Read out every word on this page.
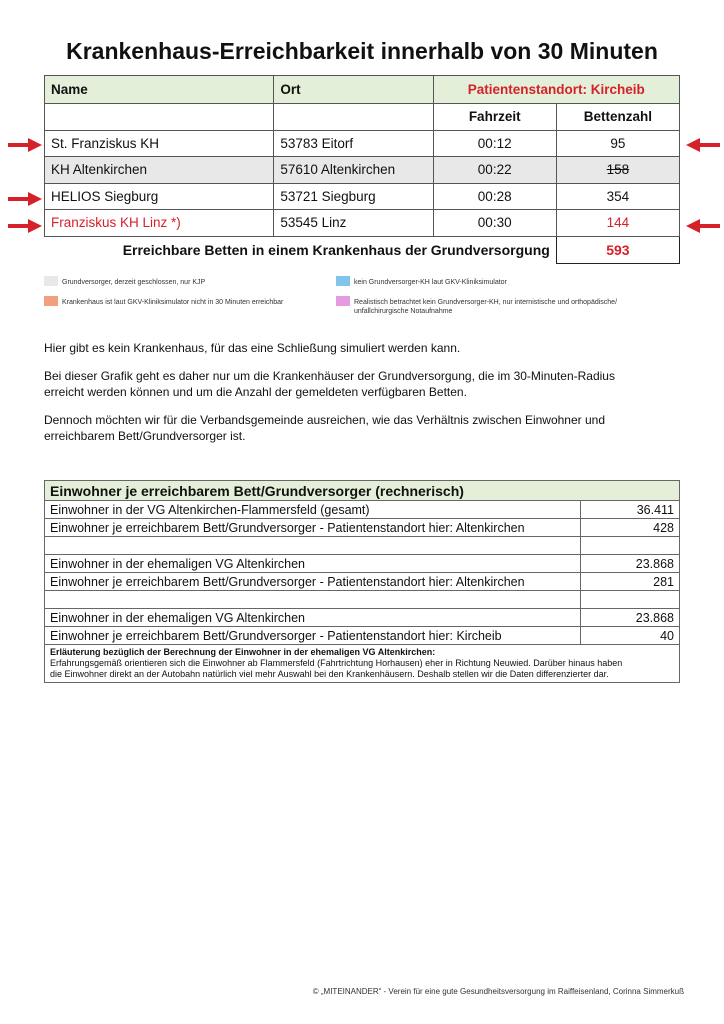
Krankenhaus-Erreichbarkeit innerhalb von 30 Minuten
Name	Ort	Patientenstandort: Kircheib	
		Fahrzeit	Bettenzahl
St. Franziskus KH	53783 Eitorf	00:12	95
KH Altenkirchen	57610 Altenkirchen	00:22	158
HELIOS Siegburg	53721 Siegburg	00:28	354
Franziskus KH Linz *)	53545 Linz	00:30	144
Erreichbare Betten in einem Krankenhaus der Grundversorgung			593
Grundversorger, derzeit geschlossen, nur KJP	kein Grundversorger-KH laut GKV-Kliniksimulator
Krankenhaus ist laut GKV-Kliniksimulator nicht in 30 Minuten erreichbar	Realistisch betrachtet kein Grundversorger-KH, nur internistische und orthopädische/
unfallchirurgische Notaufnahme
Hier gibt es kein Krankenhaus, für das eine Schließung simuliert werden kann.
Bei dieser Grafik geht es daher nur um die Krankenhäuser der Grundversorgung, die im 30-Minuten-Radius
erreicht werden können und um die Anzahl der gemeldeten verfügbaren Betten.
Dennoch möchten wir für die Verbandsgemeinde ausreichen, wie das Verhältnis zwischen Einwohner und
erreichbarem Bett/Grundversorger ist.
Einwohner je erreichbarem Bett/Grundversorger (rechnerisch)	
Einwohner in der VG Altenkirchen-Flammersfeld (gesamt)	36.411
Einwohner je erreichbarem Bett/Grundversorger - Patientenstandort hier: Altenkirchen	428

Einwohner in der ehemaligen VG Altenkirchen	23.868
Einwohner je erreichbarem Bett/Grundversorger - Patientenstandort hier: Altenkirchen	281

Einwohner in der ehemaligen VG Altenkirchen	23.868
Einwohner je erreichbarem Bett/Grundversorger - Patientenstandort hier: Kircheib	40

Erläuterung bezüglich der Berechnung der Einwohner in der ehemaligen VG Altenkirchen:
Erfahrungsgemäß orientieren sich die Einwohner ab Flammersfeld (Fahrtrichtung Horhausen) eher in Richtung Neuwied. Darüber hinaus haben
die Einwohner direkt an der Autobahn natürlich viel mehr Auswahl bei den Krankenhäusern. Deshalb stellen wir die Daten differenzierter dar.	
© „MITEINANDER“ - Verein für eine gute Gesundheitsversorgung im Raiffeisenland, Corinna Simmerkuß
